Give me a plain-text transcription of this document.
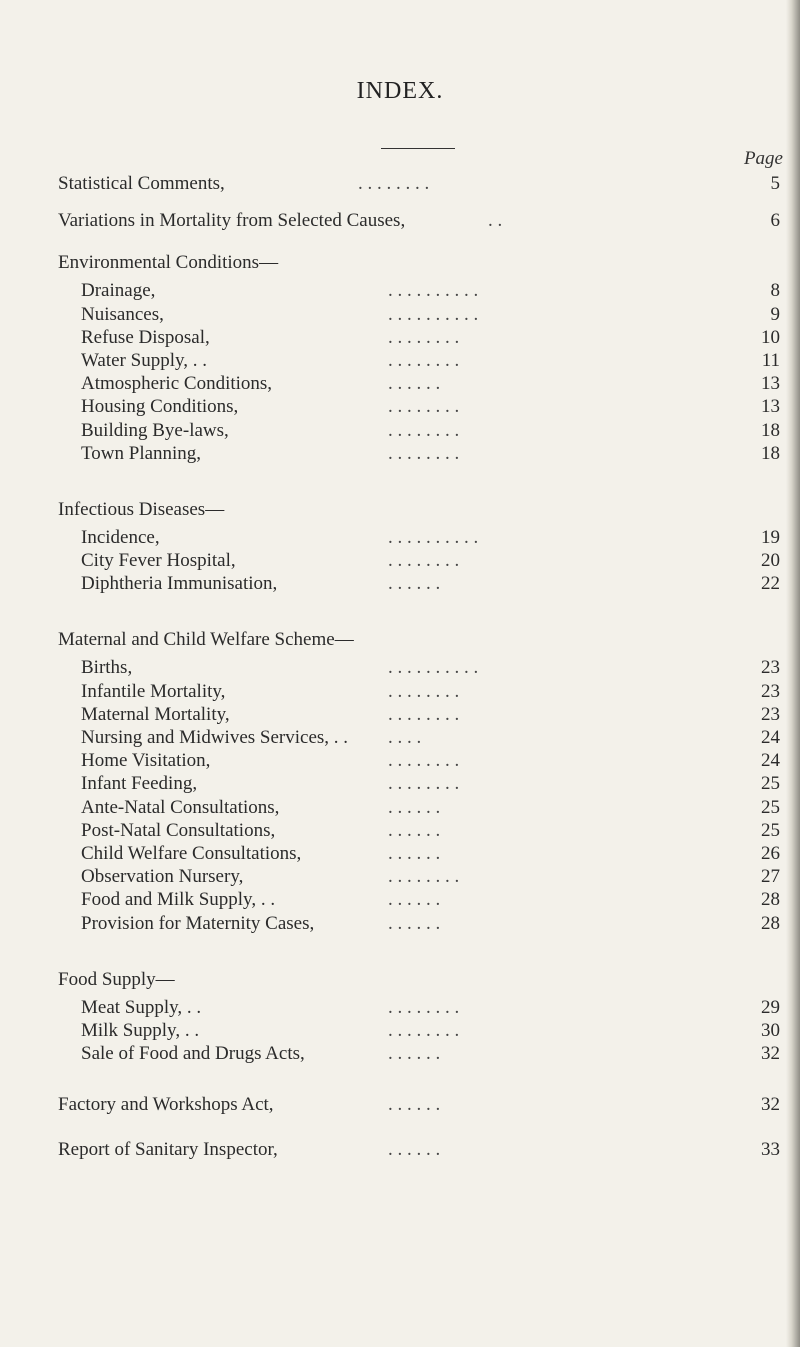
INDEX.
Page
Statistical Comments,	. . . . . . . .	5
Variations in Mortality from Selected Causes,	. .	6
Environmental Conditions—
Drainage,	. . . . . . . . . .	8
Nuisances,	. . . . . . . . . .	9
Refuse Disposal,	. . . . . . . .	10
Water Supply, . .	. . . . . . . .	11
Atmospheric Conditions,	. . . . . .	13
Housing Conditions,	. . . . . . . .	13
Building Bye-laws,	. . . . . . . .	18
Town Planning,	. . . . . . . .	18
Infectious Diseases—
Incidence,	. . . . . . . . . .	19
City Fever Hospital,	. . . . . . . .	20
Diphtheria Immunisation,	. . . . . .	22
Maternal and Child Welfare Scheme—
Births,	. . . . . . . . . .	23
Infantile Mortality,	. . . . . . . .	23
Maternal Mortality,	. . . . . . . .	23
Nursing and Midwives Services, . . . . . .	24
Home Visitation,	. . . . . . . .	24
Infant Feeding,	. . . . . . . .	25
Ante-Natal Consultations,	. . . . . .	25
Post-Natal Consultations,	. . . . . .	25
Child Welfare Consultations,	. . . . . .	26
Observation Nursery,	. . . . . . . .	27
Food and Milk Supply, . .	. . . . . .	28
Provision for Maternity Cases,	. . . . . .	28
Food Supply—
Meat Supply, . .	. . . . . . . .	29
Milk Supply, . .	. . . . . . . .	30
Sale of Food and Drugs Acts,	. . . . . .	32
Factory and Workshops Act,	. . . . . .	32
Report of Sanitary Inspector,	. . . . . .	33
